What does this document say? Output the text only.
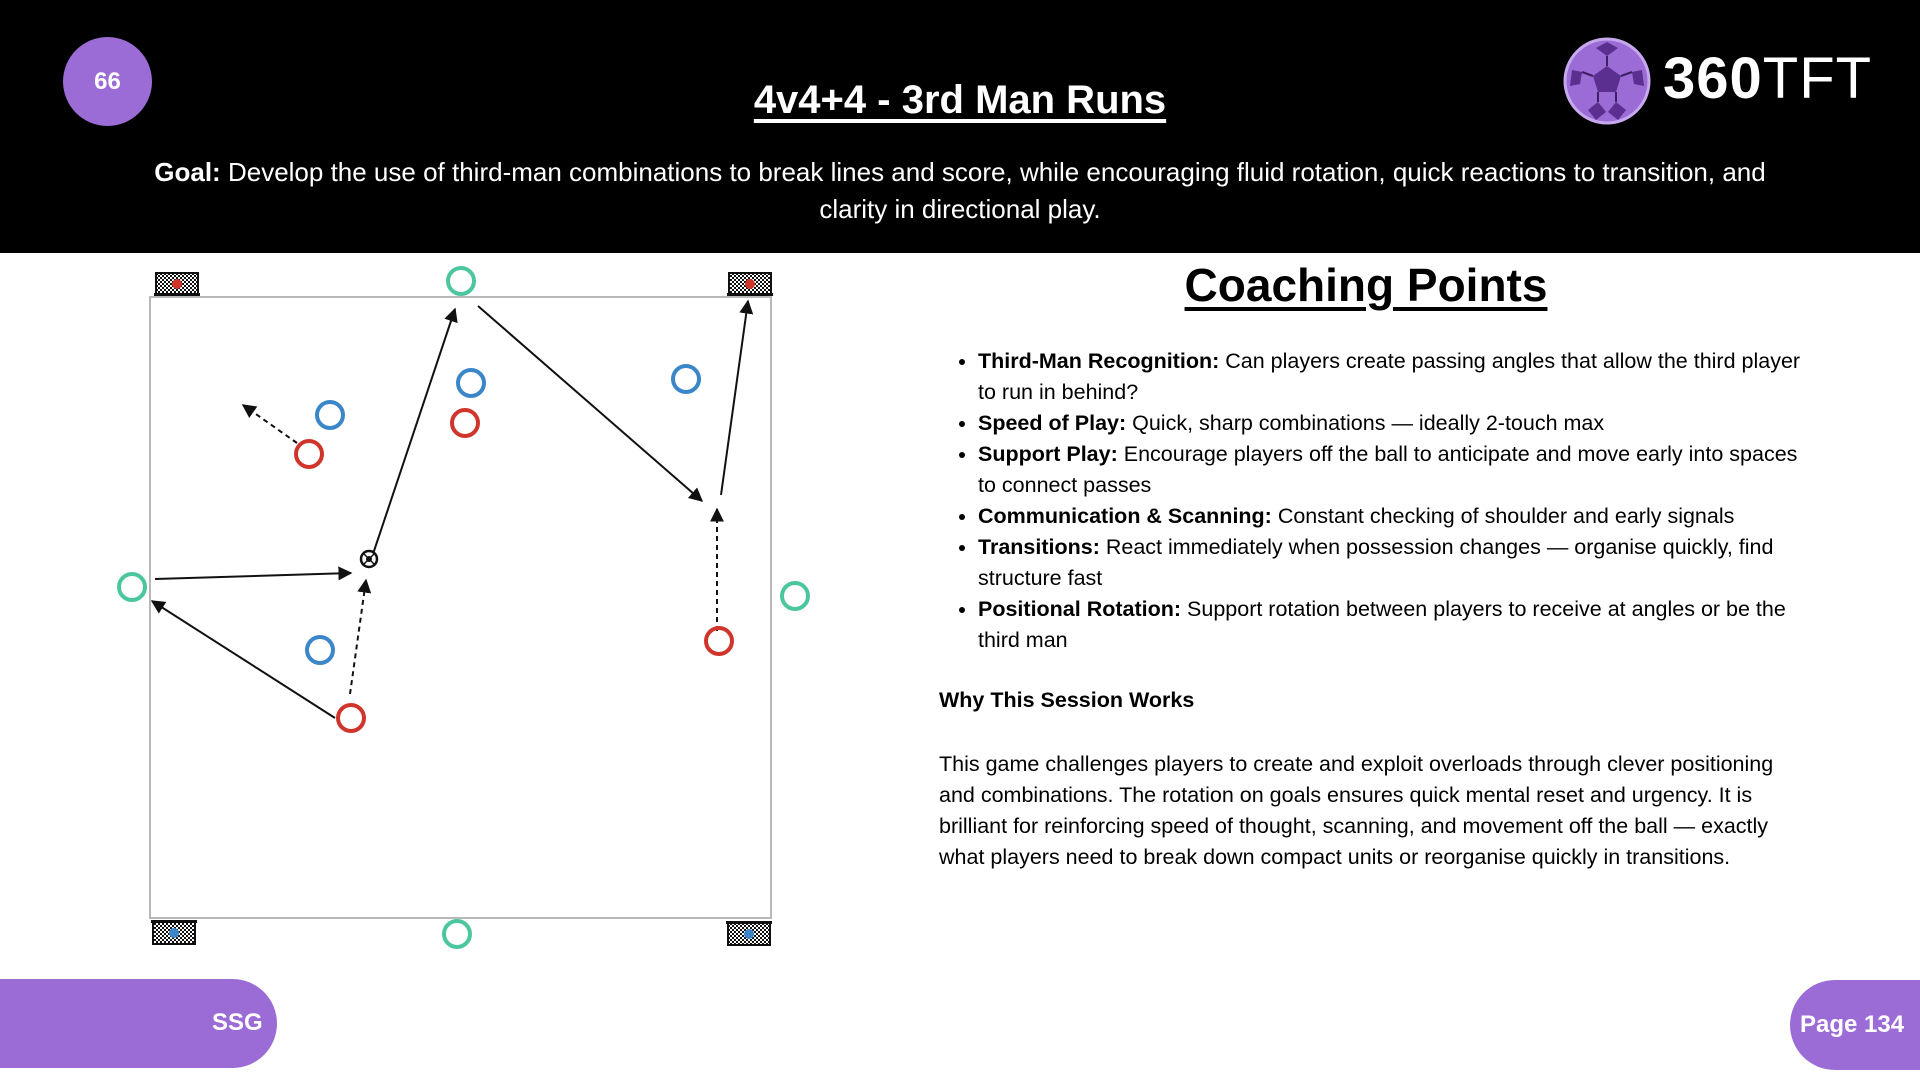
66	4v4+4 - 3rd Man Runs
Goal: Develop the use of third-man combinations to break lines and score, while encouraging fluid rotation, quick reactions to transition, and clarity in directional play.
360TFT
Coaching Points
• Third-Man Recognition: Can players create passing angles that allow the third player to run in behind?
• Speed of Play: Quick, sharp combinations — ideally 2-touch max
• Support Play: Encourage players off the ball to anticipate and move early into spaces to connect passes
• Communication & Scanning: Constant checking of shoulder and early signals
• Transitions: React immediately when possession changes — organise quickly, find structure fast
• Positional Rotation: Support rotation between players to receive at angles or be the third man
Why This Session Works

This game challenges players to create and exploit overloads through clever positioning and combinations. The rotation on goals ensures quick mental reset and urgency. It is brilliant for reinforcing speed of thought, scanning, and movement off the ball — exactly what players need to break down compact units or reorganise quickly in transitions.

SSG	Page 134
